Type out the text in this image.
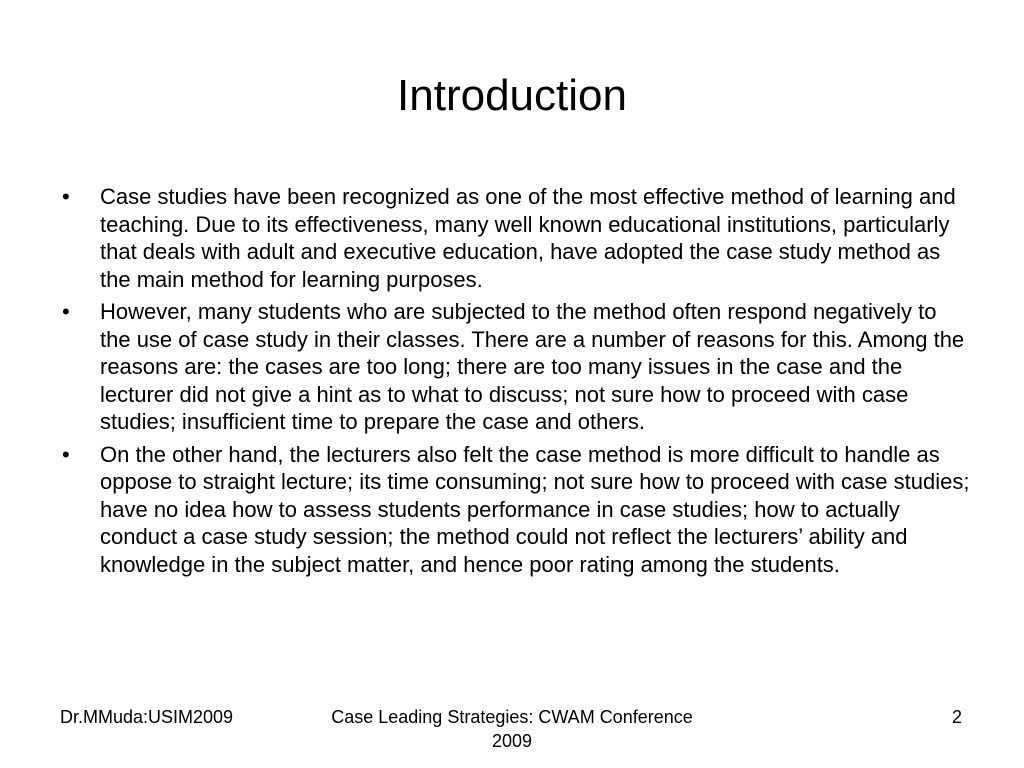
Introduction
•	Case studies have been recognized as one of the most effective method of learning and teaching. Due to its effectiveness, many well known educational institutions, particularly that deals with adult and executive education, have adopted the case study method as the main method for learning purposes.
•	However, many students who are subjected to the method often respond negatively to the use of case study in their classes. There are a number of reasons for this. Among the reasons are: the cases are too long; there are too many issues in the case and the lecturer did not give a hint as to what to discuss; not sure how to proceed with case studies; insufficient time to prepare the case and others.
•	On the other hand, the lecturers also felt the case method is more difficult to handle as oppose to straight lecture; its time consuming; not sure how to proceed with case studies; have no idea how to assess students performance in case studies; how to actually conduct a case study session; the method could not reflect the lecturers’ ability and knowledge in the subject matter, and hence poor rating among the students.
Dr.MMuda:USIM2009	Case Leading Strategies: CWAM Conference 2009
2
